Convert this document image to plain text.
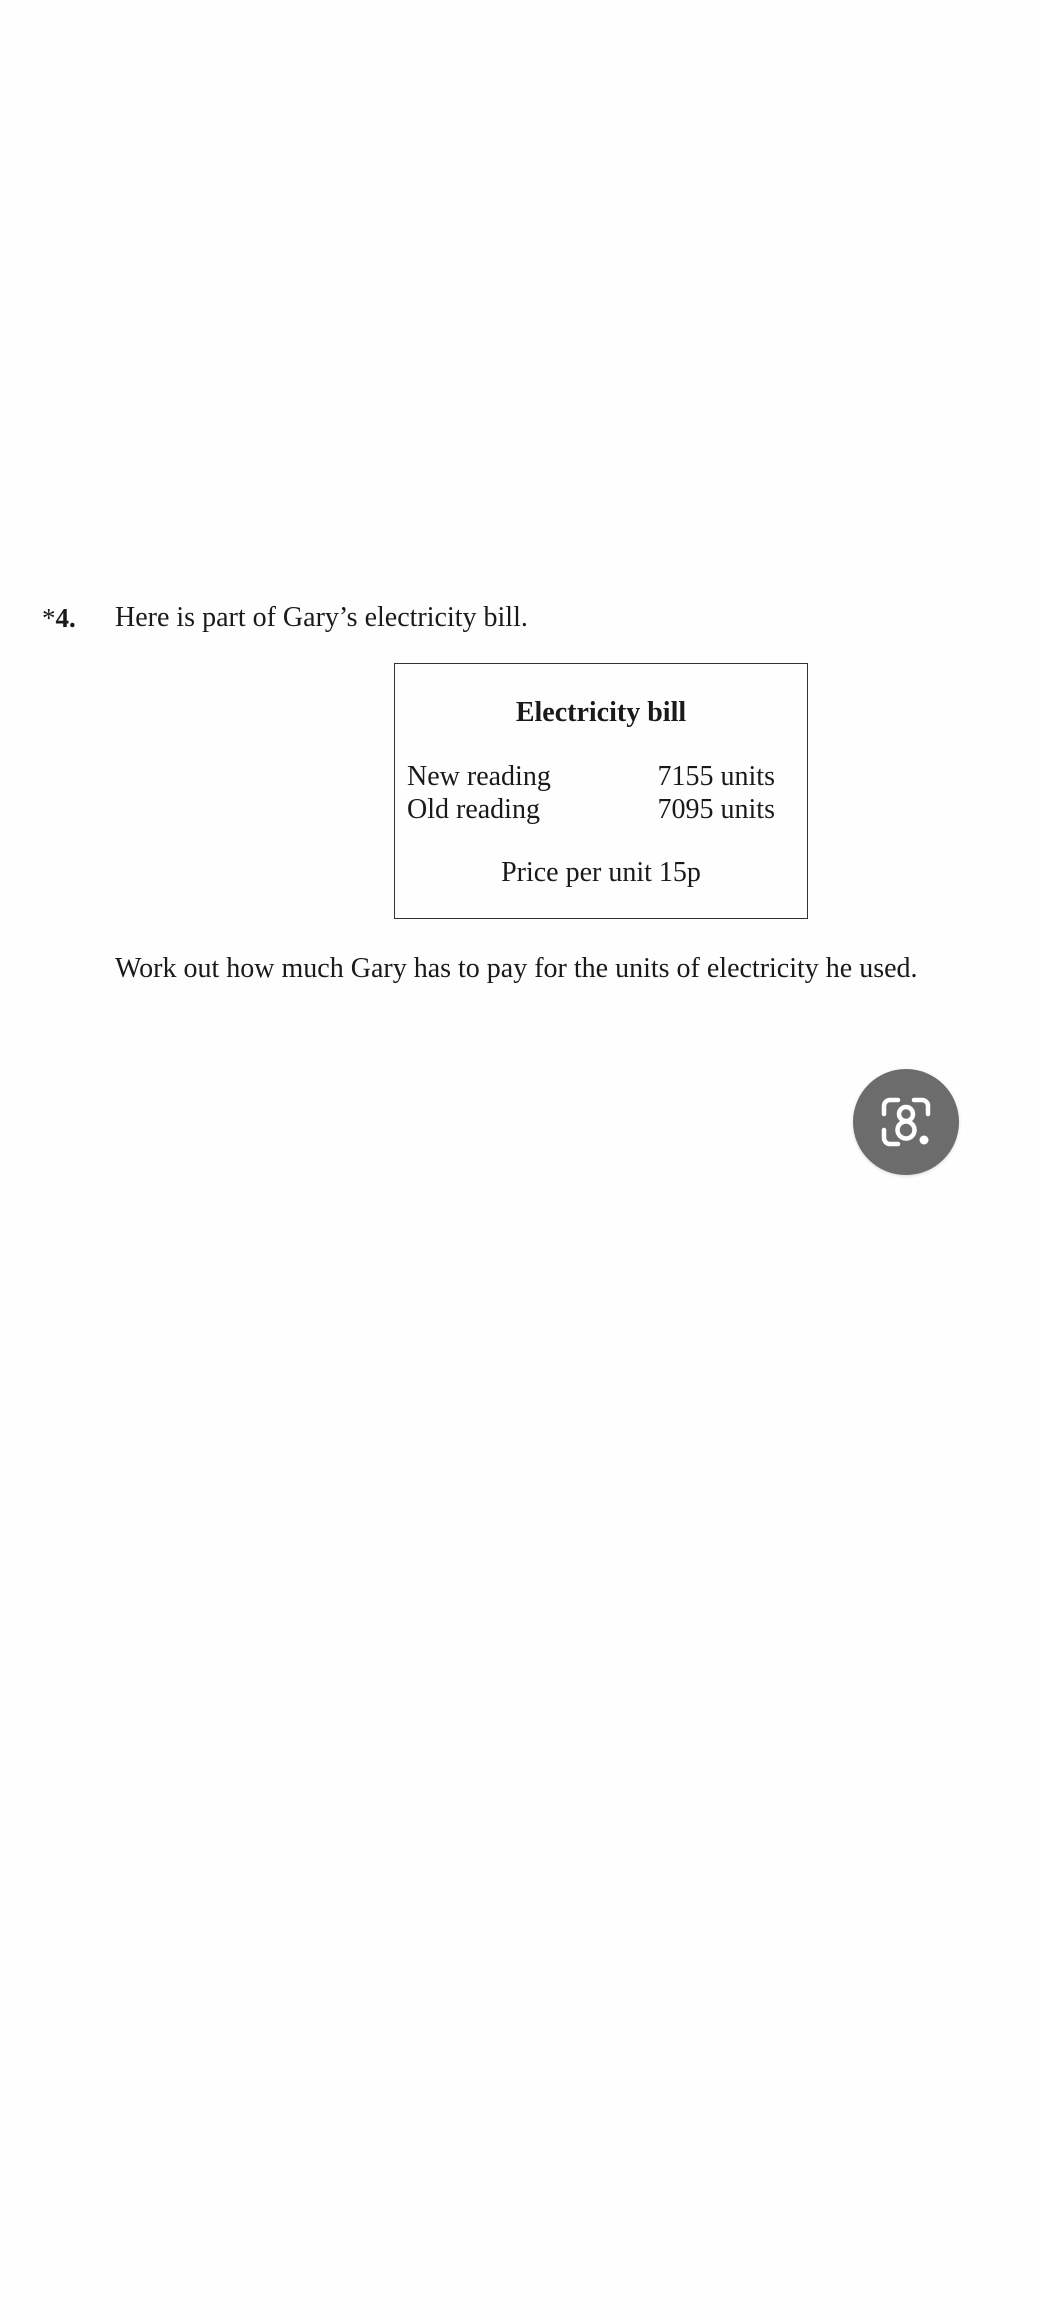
*4. Here is part of Gary’s electricity bill.
Electricity bill
New reading	7155 units
Old reading	7095 units
Price per unit 15p
Work out how much Gary has to pay for the units of electricity he used.
